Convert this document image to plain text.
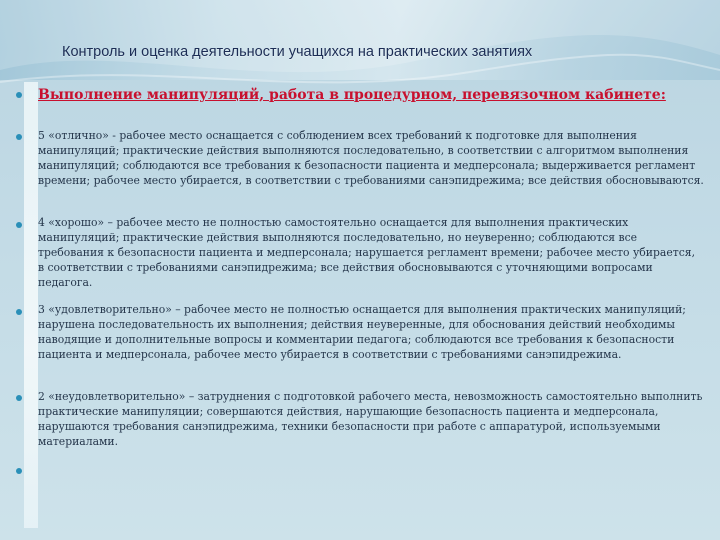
Контроль и оценка деятельности учащихся на практических занятиях
Выполнение манипуляций, работа в процедурном, перевязочном кабинете:
5 «отлично» - рабочее место оснащается с соблюдением всех требований к подготовке для выполнения манипуляций; практические действия выполняются последовательно, в соответствии с алгоритмом выполнения манипуляций; соблюдаются все требования к безопасности пациента и медперсонала; выдерживается регламент времени; рабочее место убирается, в соответствии с требованиями санэпидрежима; все действия обосновываются.
4 «хорошо» – рабочее место не полностью самостоятельно оснащается для выполнения практических манипуляций; практические действия выполняются последовательно, но неуверенно; соблюдаются все требования к безопасности пациента и медперсонала; нарушается регламент времени; рабочее место убирается, в соответствии с требованиями санэпидрежима; все действия обосновываются с уточняющими вопросами педагога.
3 «удовлетворительно» – рабочее место не полностью оснащается для выполнения практических манипуляций; нарушена последовательность их выполнения; действия неуверенные, для обоснования действий необходимы наводящие и дополнительные вопросы и комментарии педагога; соблюдаются все требования к безопасности пациента и медперсонала, рабочее место убирается в соответствии с требованиями санэпидрежима.
2 «неудовлетворительно» – затруднения с подготовкой рабочего места, невозможность самостоятельно выполнить практические манипуляции; совершаются действия, нарушающие безопасность пациента и медперсонала, нарушаются требования санэпидрежима, техники безопасности при работе с аппаратурой, используемыми материалами.
